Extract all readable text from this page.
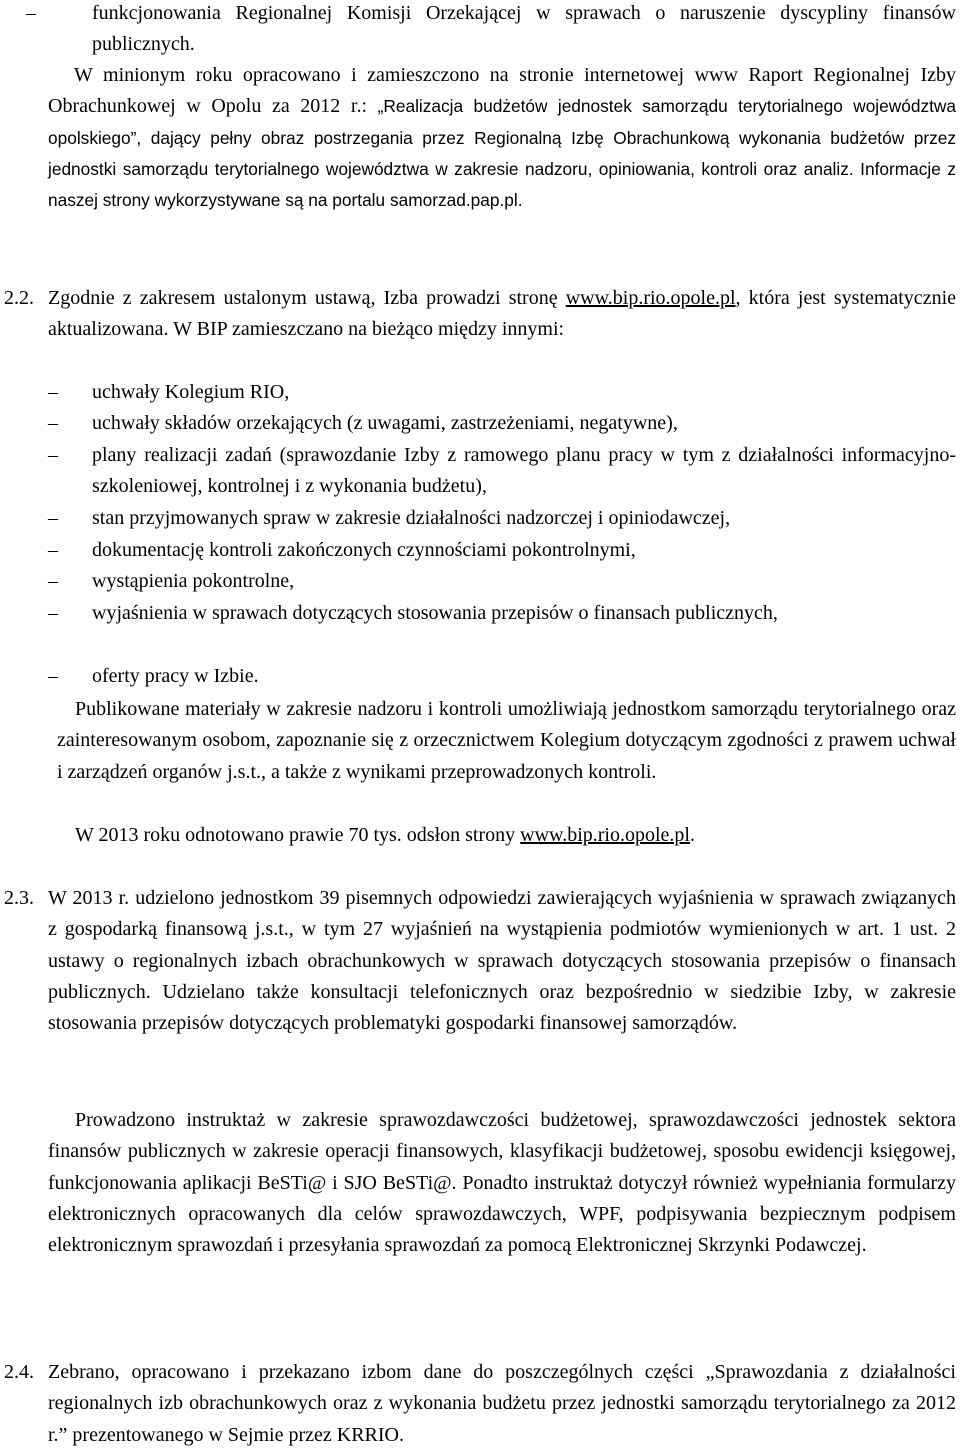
–	funkcjonowania Regionalnej Komisji Orzekającej w sprawach o naruszenie dyscypliny finansów publicznych.
W minionym roku opracowano i zamieszczono na stronie internetowej www Raport Regionalnej Izby Obrachunkowej w Opolu za 2012 r.: „Realizacja budżetów jednostek samorządu terytorialnego województwa opolskiego”, dający pełny obraz postrzegania przez Regionalną Izbę Obrachunkową wykonania budżetów przez jednostki samorządu terytorialnego województwa w zakresie nadzoru, opiniowania, kontroli oraz analiz. Informacje z naszej strony wykorzystywane są na portalu samorzad.pap.pl.
2.2. Zgodnie z zakresem ustalonym ustawą, Izba prowadzi stronę www.bip.rio.opole.pl, która jest systematycznie aktualizowana. W BIP zamieszczano na bieżąco między innymi:
– uchwały Kolegium RIO,
– uchwały składów orzekających (z uwagami, zastrzeżeniami, negatywne),
– plany realizacji zadań (sprawozdanie Izby z ramowego planu pracy w tym z działalności informacyjno-szkoleniowej, kontrolnej i z wykonania budżetu),
– stan przyjmowanych spraw w zakresie działalności nadzorczej i opiniodawczej,
– dokumentację kontroli zakończonych czynnościami pokontrolnymi,
– wystąpienia pokontrolne,
– wyjaśnienia w sprawach dotyczących stosowania przepisów o finansach publicznych,
– oferty pracy w Izbie.
Publikowane materiały w zakresie nadzoru i kontroli umożliwiają jednostkom samorządu terytorialnego oraz zainteresowanym osobom, zapoznanie się z orzecznictwem Kolegium dotyczącym zgodności z prawem uchwał i zarządzeń organów j.s.t., a także z wynikami przeprowadzonych kontroli.
W 2013 roku odnotowano prawie 70 tys. odsłon strony www.bip.rio.opole.pl.
2.3. W 2013 r. udzielono jednostkom 39 pisemnych odpowiedzi zawierających wyjaśnienia w sprawach związanych z gospodarką finansową j.s.t., w tym 27 wyjaśnień na wystąpienia podmiotów wymienionych w art. 1 ust. 2 ustawy o regionalnych izbach obrachunkowych w sprawach dotyczących stosowania przepisów o finansach publicznych. Udzielano także konsultacji telefonicznych oraz bezpośrednio w siedzibie Izby, w zakresie stosowania przepisów dotyczących problematyki gospodarki finansowej samorządów.
Prowadzono instruktaż w zakresie sprawozdawczości budżetowej, sprawozdawczości jednostek sektora finansów publicznych w zakresie operacji finansowych, klasyfikacji budżetowej, sposobu ewidencji księgowej, funkcjonowania aplikacji BeSTi@ i SJO BeSTi@. Ponadto instruktaż dotyczył również wypełniania formularzy elektronicznych opracowanych dla celów sprawozdawczych, WPF, podpisywania bezpiecznym podpisem elektronicznym sprawozdań i przesyłania sprawozdań za pomocą Elektronicznej Skrzynki Podawczej.
2.4. Zebrano, opracowano i przekazano izbom dane do poszczególnych części „Sprawozdania z działalności regionalnych izb obrachunkowych oraz z wykonania budżetu przez jednostki samorządu terytorialnego za 2012 r.” prezentowanego w Sejmie przez KRRIO.
